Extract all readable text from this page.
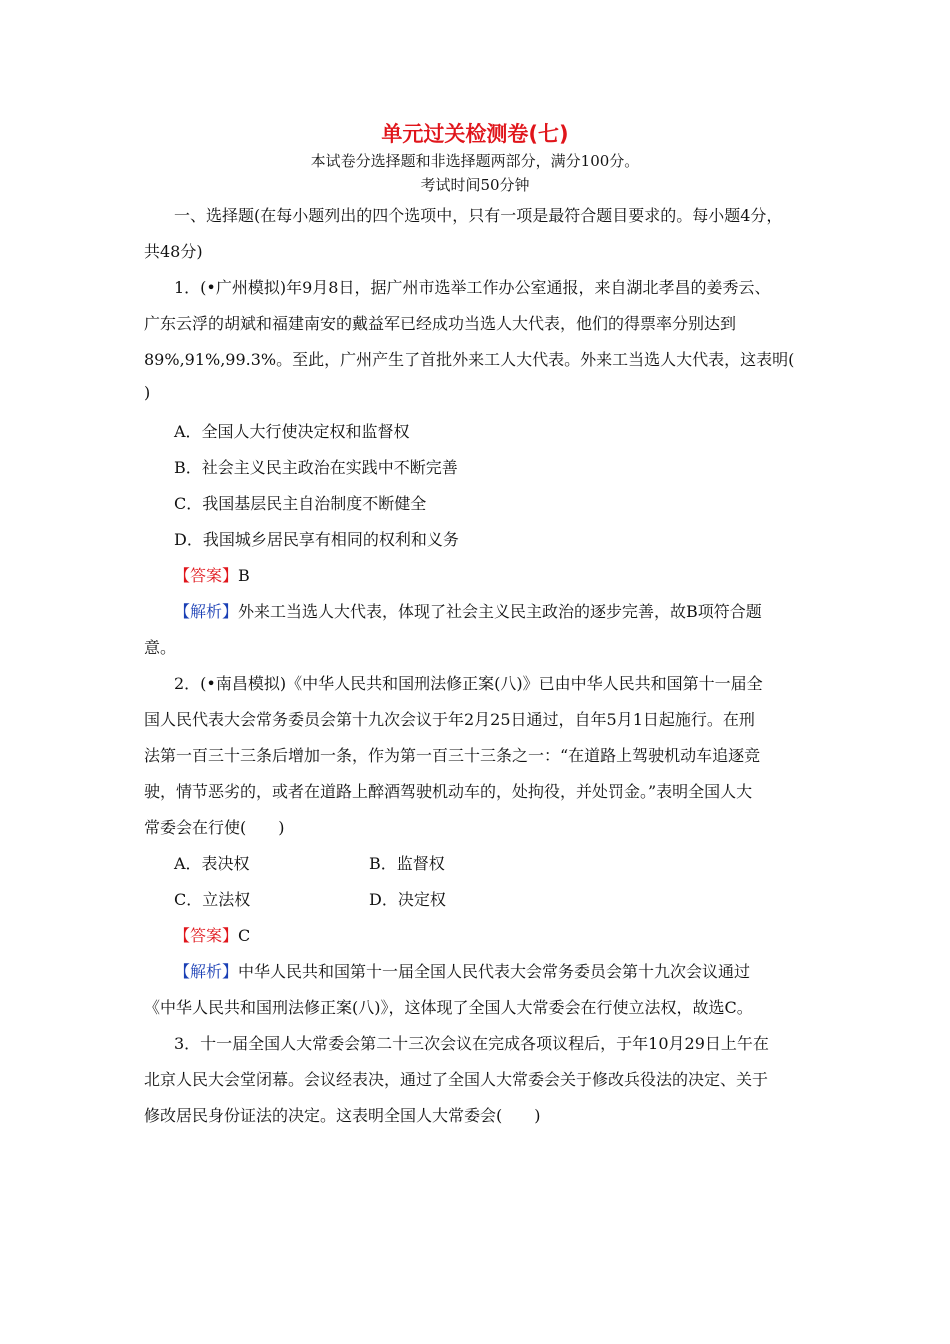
单元过关检测卷(七)
本试卷分选择题和非选择题两部分，满分100分。
考试时间50分钟
一、选择题(在每小题列出的四个选项中，只有一项是最符合题目要求的。每小题4分，
共48分)
1．(•广州模拟)年9月8日，据广州市选举工作办公室通报，来自湖北孝昌的姜秀云、
广东云浮的胡斌和福建南安的戴益军已经成功当选人大代表，他们的得票率分别达到
89%,91%,99.3%。至此，广州产生了首批外来工人大代表。外来工当选人大代表，这表明(
)
A．全国人大行使决定权和监督权
B．社会主义民主政治在实践中不断完善
C．我国基层民主自治制度不断健全
D．我国城乡居民享有相同的权利和义务
【答案】B
【解析】外来工当选人大代表，体现了社会主义民主政治的逐步完善，故B项符合题
意。
2．(•南昌模拟)《中华人民共和国刑法修正案(八)》已由中华人民共和国第十一届全
国人民代表大会常务委员会第十九次会议于年2月25日通过，自年5月1日起施行。在刑
法第一百三十三条后增加一条，作为第一百三十三条之一：“在道路上驾驶机动车追逐竞
驶，情节恶劣的，或者在道路上醉酒驾驶机动车的，处拘役，并处罚金。”表明全国人大
常委会在行使(　　)
A．表决权	B．监督权
C．立法权	D．决定权
【答案】C
【解析】中华人民共和国第十一届全国人民代表大会常务委员会第十九次会议通过
《中华人民共和国刑法修正案(八)》，这体现了全国人大常委会在行使立法权，故选C。
3．十一届全国人大常委会第二十三次会议在完成各项议程后，于年10月29日上午在
北京人民大会堂闭幕。会议经表决，通过了全国人大常委会关于修改兵役法的决定、关于
修改居民身份证法的决定。这表明全国人大常委会(　　)
